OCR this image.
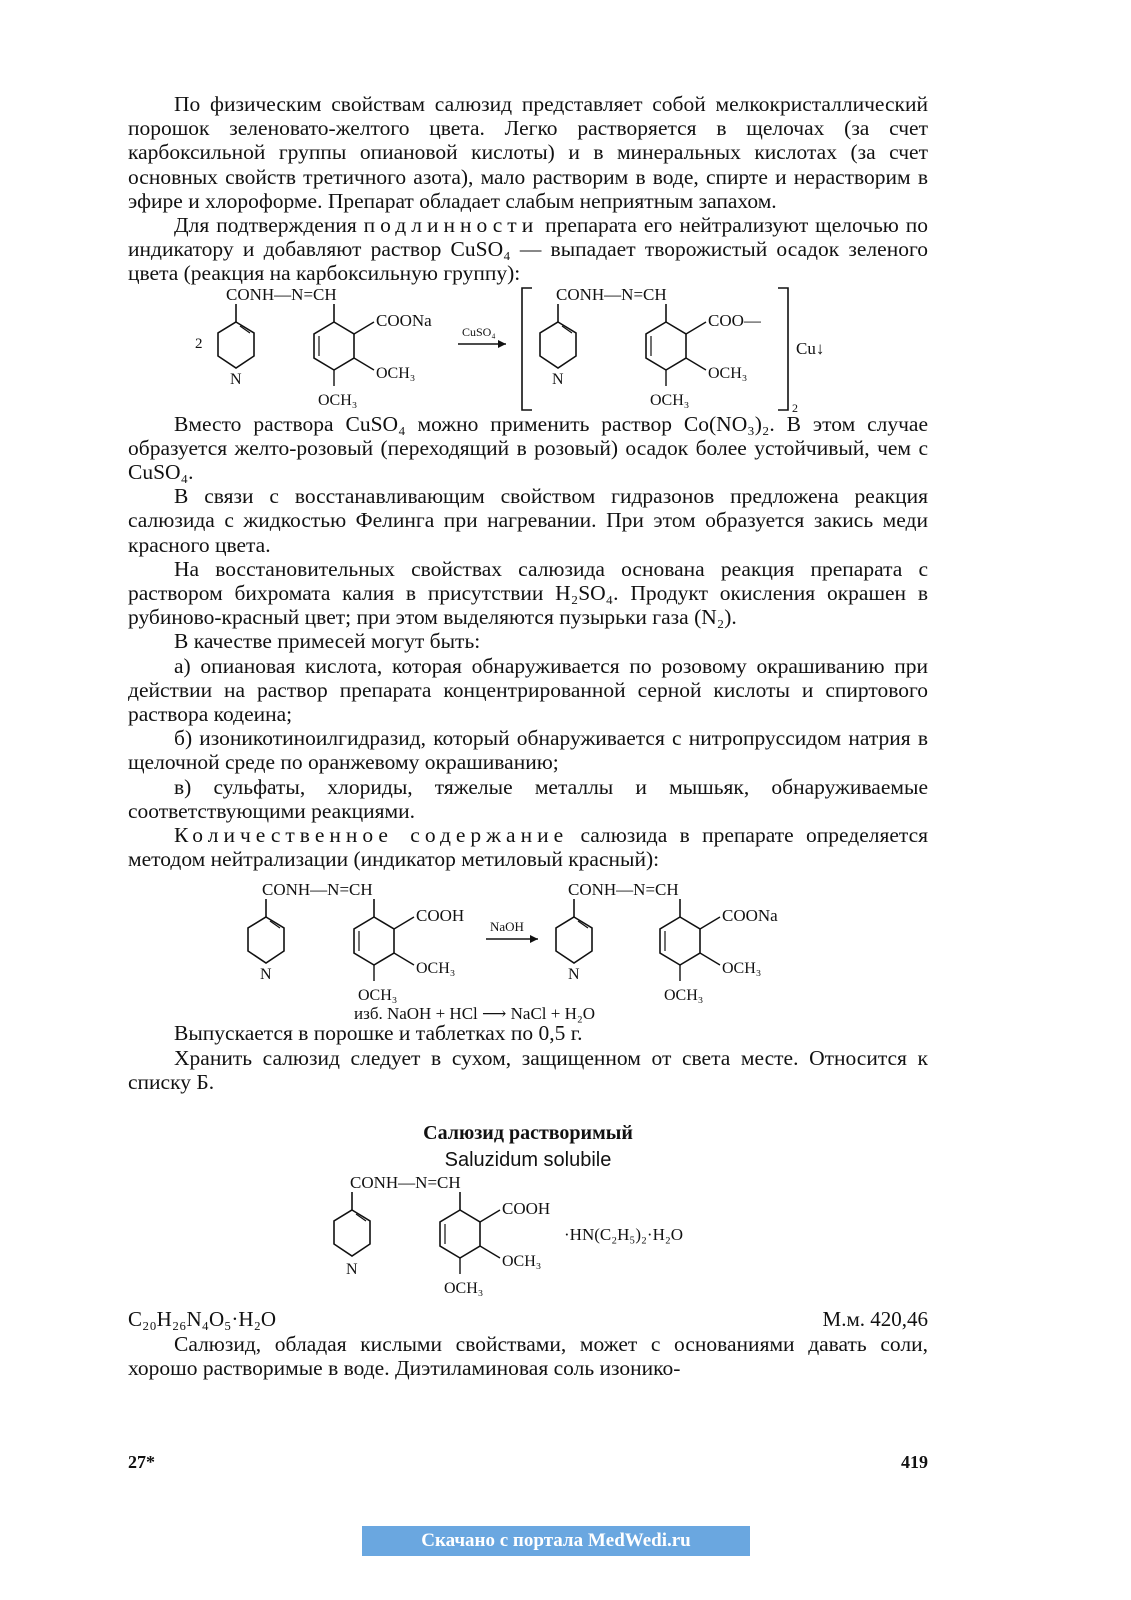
По физическим свойствам салюзид представляет собой мелкокристаллический порошок зеленовато-желтого цвета. Легко растворяется в щелочах (за счет карбоксильной группы опиановой кислоты) и в минеральных кислотах (за счет основных свойств третичного азота), мало растворим в воде, спирте и нерастворим в эфире и хлороформе. Препарат обладает слабым неприятным запахом.

Для подтверждения подлинности препарата его нейтрализуют щелочью по индикатору и добавляют раствор CuSO₄ — выпадает творожистый осадок зеленого цвета (реакция на карбоксильную группу):

CONH—N=CH
2
N
COONa
OCH₃
OCH₃
CuSO₄
CONH—N=CH
N
COO—
OCH₃
OCH₃	2
Cu↓

Вместо раствора CuSO₄ можно применить раствор Co(NO₃)₂. В этом случае образуется желто-розовый (переходящий в розовый) осадок более устойчивый, чем с CuSO₄.

В связи с восстанавливающим свойством гидразонов предложена реакция салюзида с жидкостью Фелинга при нагревании. При этом образуется закись меди красного цвета.

На восстановительных свойствах салюзида основана реакция препарата с раствором бихромата калия в присутствии H₂SO₄. Продукт окисления окрашен в рубиново-красный цвет; при этом выделяются пузырьки газа (N₂).

В качестве примесей могут быть:

а) опиановая кислота, которая обнаруживается по розовому окрашиванию при действии на раствор препарата концентрированной серной кислоты и спиртового раствора кодеина;

б) изоникотиноилгидразид, который обнаруживается с нитропруссидом натрия в щелочной среде по оранжевому окрашиванию;

в) сульфаты, хлориды, тяжелые металлы и мышьяк, обнаруживаемые соответствующими реакциями.

Количественное содержание салюзида в препарате определяется методом нейтрализации (индикатор метиловый красный):

CONH—N=CH
N
COOH
OCH₃
OCH₃
NaOH
CONH—N=CH
N
COONa
OCH₃
OCH₃
изб. NaOH + HCl ⟶ NaCl + H₂O

Выпускается в порошке и таблетках по 0,5 г.

Хранить салюзид следует в сухом, защищенном от света месте. Относится к списку Б.

Салюзид растворимый
Saluzidum solubile
CONH—N=CH
N
COOH
OCH₃
OCH₃
·HN(C₂H₅)₂·H₂O
C₂₀H₂₆N₄O₅·H₂O	М.м. 420,46

Салюзид, обладая кислыми свойствами, может с основаниями давать соли, хорошо растворимые в воде. Диэтиламиновая соль изонико-

27*	419
Скачано с портала MedWedi.ru
